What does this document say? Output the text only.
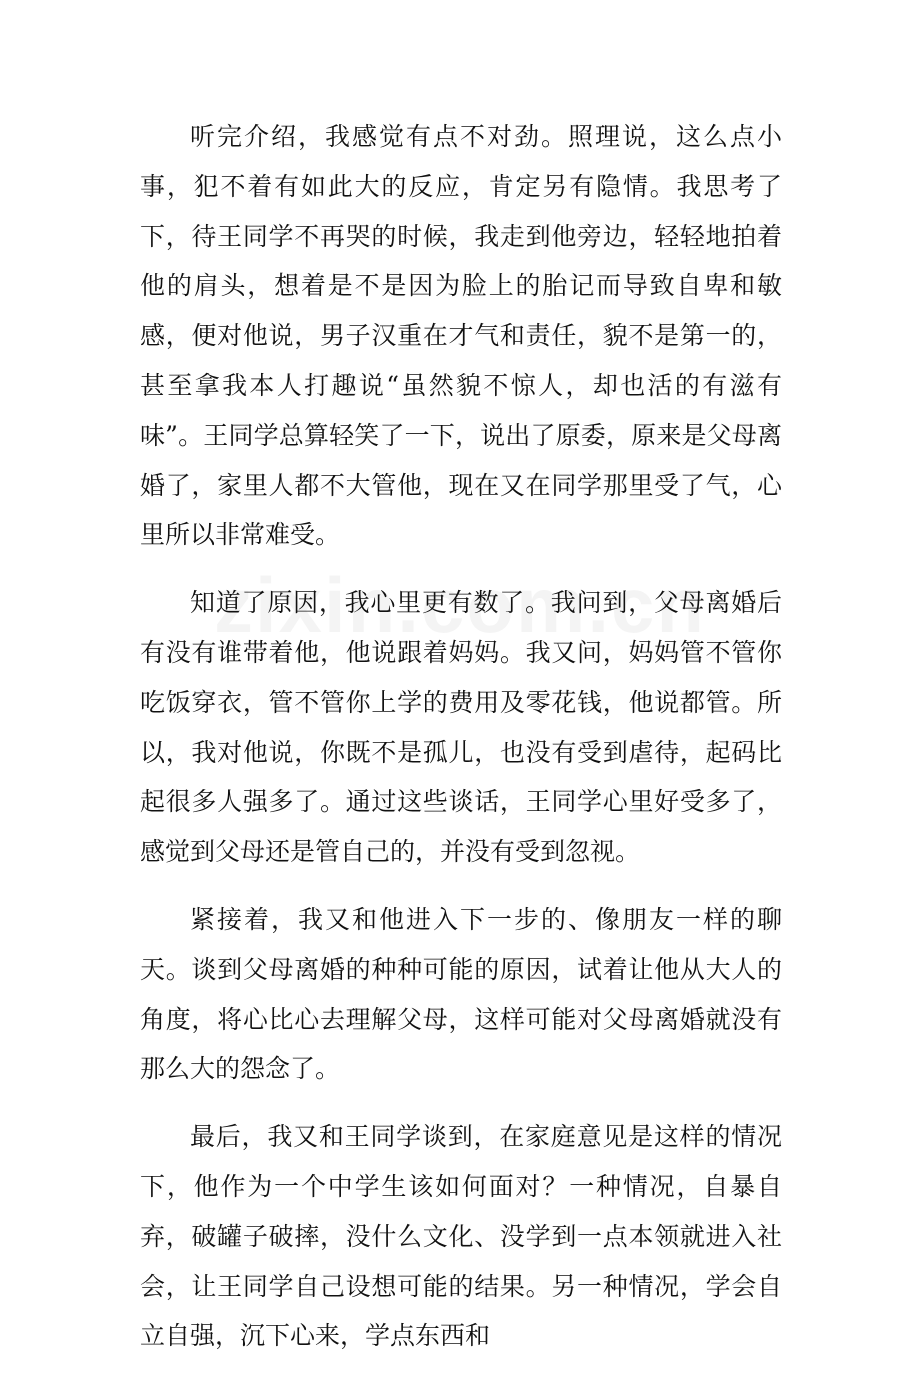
听完介绍，我感觉有点不对劲。照理说，这么点小事，犯不着有如此大的反应，肯定另有隐情。我思考了下，待王同学不再哭的时候，我走到他旁边，轻轻地拍着他的肩头，想着是不是因为脸上的胎记而导致自卑和敏感，便对他说，男子汉重在才气和责任，貌不是第一的，甚至拿我本人打趣说“虽然貌不惊人，却也活的有滋有味”。王同学总算轻笑了一下，说出了原委，原来是父母离婚了，家里人都不大管他，现在又在同学那里受了气，心里所以非常难受。

知道了原因，我心里更有数了。我问到，父母离婚后有没有谁带着他，他说跟着妈妈。我又问，妈妈管不管你吃饭穿衣，管不管你上学的费用及零花钱，他说都管。所以，我对他说，你既不是孤儿，也没有受到虐待，起码比起很多人强多了。通过这些谈话，王同学心里好受多了，感觉到父母还是管自己的，并没有受到忽视。

紧接着，我又和他进入下一步的、像朋友一样的聊天。谈到父母离婚的种种可能的原因，试着让他从大人的角度，将心比心去理解父母，这样可能对父母离婚就没有那么大的怨念了。

最后，我又和王同学谈到，在家庭意见是这样的情况下，他作为一个中学生该如何面对？一种情况，自暴自弃，破罐子破摔，没什么文化、没学到一点本领就进入社会，让王同学自己设想可能的结果。另一种情况，学会自立自强，沉下心来，学点东西和
